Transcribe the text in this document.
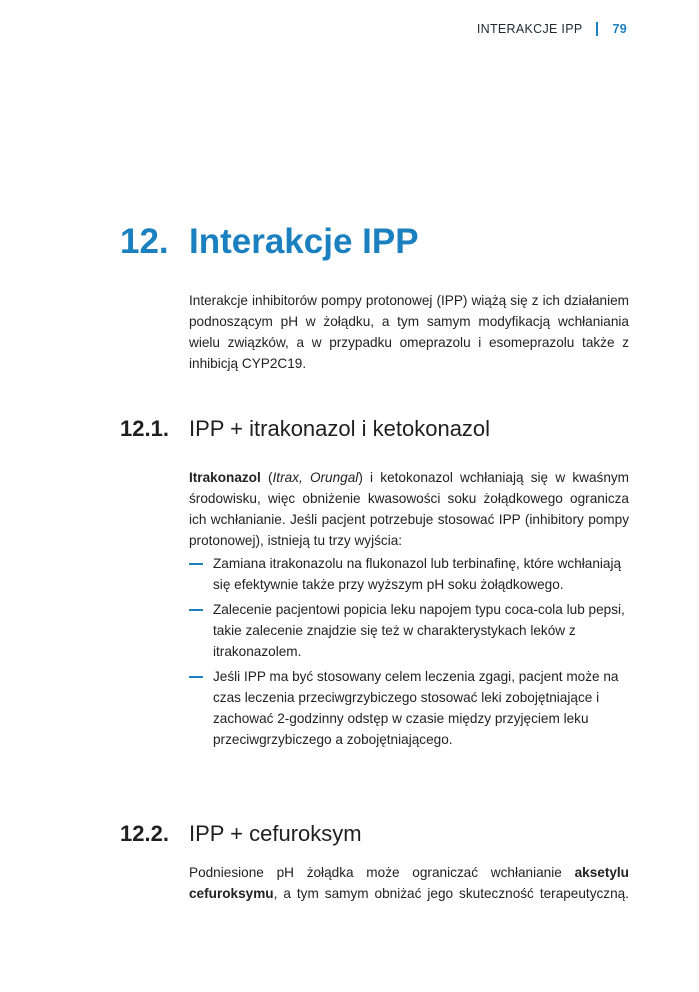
INTERAKCJE IPP 79
12. Interakcje IPP

Interakcje inhibitorów pompy protonowej (IPP) wiążą się z ich działaniem podnoszącym pH w żołądku, a tym samym modyfikacją wchłaniania wielu związków, a w przypadku omeprazolu i esomeprazolu także z inhibicją CYP2C19.

12.1. IPP + itrakonazol i ketokonazol

Itrakonazol (Itrax, Orungal) i ketokonazol wchłaniają się w kwaśnym środowisku, więc obniżenie kwasowości soku żołądkowego ogranicza ich wchłanianie. Jeśli pacjent potrzebuje stosować IPP (inhibitory pompy protonowej), istnieją tu trzy wyjścia:

Zamiana itrakonazolu na flukonazol lub terbinafinę, które wchłaniają się efektywnie także przy wyższym pH soku żołądkowego.
Zalecenie pacjentowi popicia leku napojem typu coca-cola lub pepsi, takie zalecenie znajdzie się też w charakterystykach leków z itrakonazolem.
Jeśli IPP ma być stosowany celem leczenia zgagi, pacjent może na czas leczenia przeciwgrzybiczego stosować leki zobojętniające i zachować 2-godzinny odstęp w czasie między przyjęciem leku przeciwgrzybiczego a zobojętniającego.
12.2. IPP + cefuroksym

Podniesione pH żołądka może ograniczać wchłanianie aksetylu cefuroksymu, a tym samym obniżać jego skuteczność terapeutyczną.
